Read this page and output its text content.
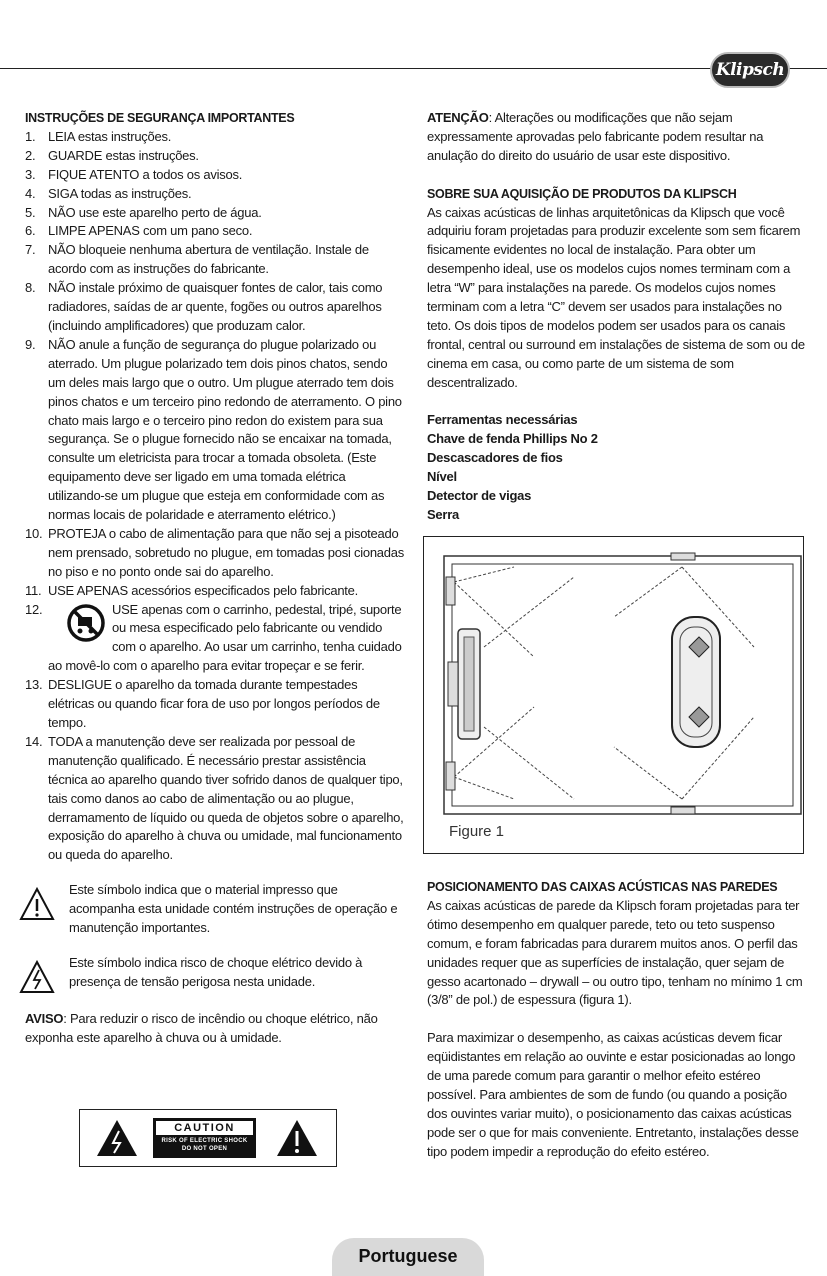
Klipsch
INSTRUÇÕES DE SEGURANÇA IMPORTANTES
1. LEIA estas instruções.
2. GUARDE estas instruções.
3. FIQUE ATENTO a todos os avisos.
4. SIGA todas as instruções.
5. NÃO use este aparelho perto de água.
6. LIMPE APENAS com um pano seco.
7. NÃO bloqueie nenhuma abertura de ventilação. Instale de acordo com as instruções do fabricante.
8. NÃO instale próximo de quaisquer fontes de calor, tais como radiadores, saídas de ar quente, fogões ou outros aparelhos (incluindo amplificadores) que produzam calor.
9. NÃO anule a função de segurança do plugue polarizado ou aterrado. Um plugue polarizado tem dois pinos chatos, sendo um deles mais largo que o outro. Um plugue aterrado tem dois pinos chatos e um terceiro pino redondo de aterramento. O pino chato mais largo e o terceiro pino redon do existem para sua segurança. Se o plugue fornecido não se encaixar na tomada, consulte um eletricista para trocar a tomada obsoleta. (Este equipamento deve ser ligado em uma tomada elétrica utilizando-se um plugue que esteja em conformidade com as normas locais de polaridade e aterramento elétrico.)
10. PROTEJA o cabo de alimentação para que não sej a pisoteado nem prensado, sobretudo no plugue, em tomadas posi cionadas no piso e no ponto onde sai do aparelho.
11. USE APENAS acessórios especificados pelo fabricante.
12.	USE apenas com o carrinho, pedestal, tripé, suporte ou mesa especificado pelo fabricante ou vendido com o aparelho. Ao usar um carrinho, tenha cuidado ao movê-lo com o aparelho para evitar tropeçar e se ferir.
13. DESLIGUE o aparelho da tomada durante tempestades elétricas ou quando ficar fora de uso por longos períodos de tempo.
14. TODA a manutenção deve ser realizada por pessoal de manutenção qualificado. É necessário prestar assistência técnica ao aparelho quando tiver sofrido danos de qualquer tipo, tais como danos ao cabo de alimentação ou ao plugue, derramamento de líquido ou queda de objetos sobre o aparelho, exposição do aparelho à chuva ou umidade, mal funcionamento ou queda do aparelho.

Este símbolo indica que o material impresso que acompanha esta unidade contém instruções de operação e manutenção importantes.

Este símbolo indica risco de choque elétrico devido à presença de tensão perigosa nesta unidade.

AVISO: Para reduzir o risco de incêndio ou choque elétrico, não exponha este aparelho à chuva ou à umidade.

CAUTION
RISK OF ELECTRIC SHOCK
DO NOT OPEN

ATENÇÃO: Alterações ou modificações que não sejam expressamente aprovadas pelo fabricante podem resultar na anulação do direito do usuário de usar este dispositivo.

SOBRE SUA AQUISIÇÃO DE PRODUTOS DA KLIPSCH

As caixas acústicas de linhas arquitetônicas da Klipsch que você adquiriu foram projetadas para produzir excelente som sem ficarem fisicamente evidentes no local de instalação. Para obter um desempenho ideal, use os modelos cujos nomes terminam com a letra “W” para instalações na parede. Os modelos cujos nomes terminam com a letra “C” devem ser usados para instalações no teto. Os dois tipos de modelos podem ser usados para os canais frontal, central ou surround em instalações de sistema de som ou de cinema em casa, ou como parte de um sistema de som descentralizado.

Ferramentas necessárias
Chave de fenda Phillips No 2
Descascadores de fios
Nível
Detector de vigas
Serra
Figure 1
POSICIONAMENTO DAS CAIXAS ACÚSTICAS NAS PAREDES

As caixas acústicas de parede da Klipsch foram projetadas para ter ótimo desempenho em qualquer parede, teto ou teto suspenso comum, e foram fabricadas para durarem muitos anos. O perfil das unidades requer que as superfícies de instalação, quer sejam de gesso acartonado – drywall – ou outro tipo, tenham no mínimo 1 cm (3/8” de pol.) de espessura (figura 1).

Para maximizar o desempenho, as caixas acústicas devem ficar eqüidistantes em relação ao ouvinte e estar posicionadas ao longo de uma parede comum para garantir o melhor efeito estéreo possível. Para ambientes de som de fundo (ou quando a posição dos ouvintes variar muito), o posicionamento das caixas acústicas pode ser o que for mais conveniente. Entretanto, instalações desse tipo podem impedir a reprodução do efeito estéreo.

Portuguese
